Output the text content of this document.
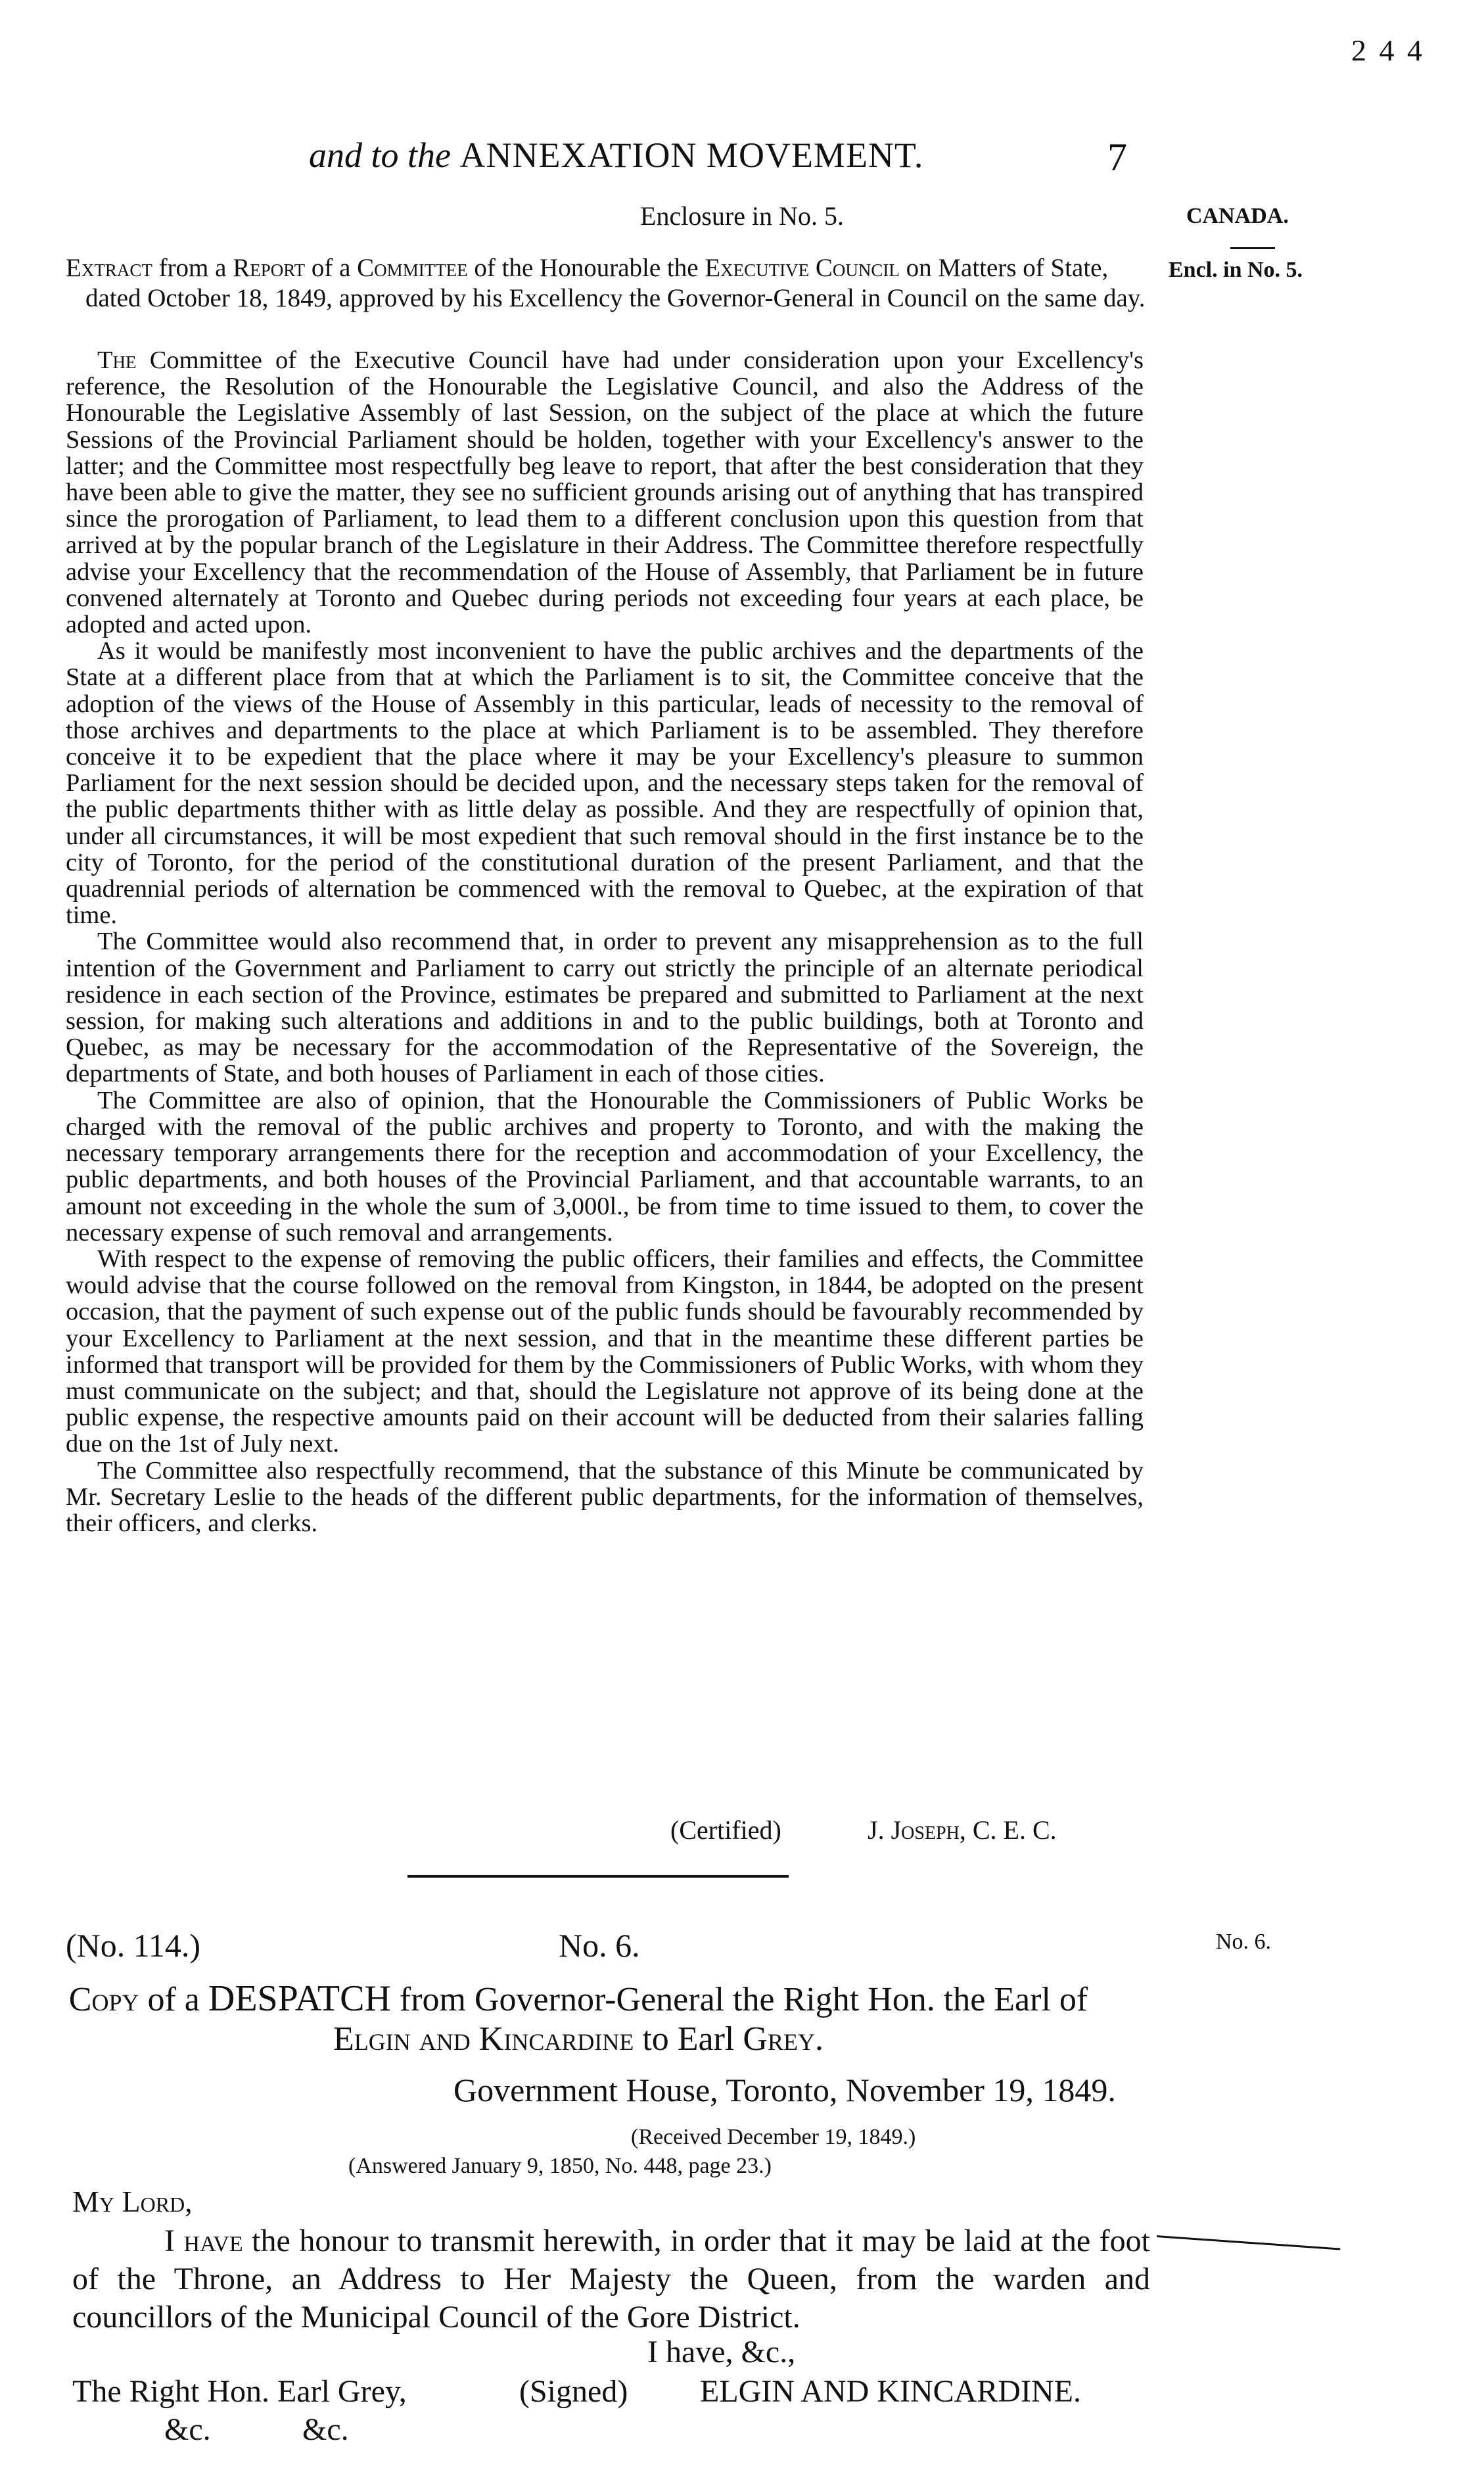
2 4 4
and to the ANNEXATION MOVEMENT.	7
Enclosure in No. 5.	CANADA.
Encl. in No. 5.
Extract from a Report of a Committee of the Honourable the Executive Council on Matters of State, dated October 18, 1849, approved by his Excellency the Governor-General in Council on the same day.

The Committee of the Executive Council have had under consideration upon your Excellency's reference, the Resolution of the Honourable the Legislative Council, and also the Address of the Honourable the Legislative Assembly of last Session, on the subject of the place at which the future Sessions of the Provincial Parliament should be holden, together with your Excellency's answer to the latter; and the Committee most respectfully beg leave to report, that after the best consideration that they have been able to give the matter, they see no sufficient grounds arising out of anything that has transpired since the prorogation of Parliament, to lead them to a different conclusion upon this question from that arrived at by the popular branch of the Legislature in their Address. The Committee therefore respectfully advise your Excellency that the recommendation of the House of Assembly, that Parliament be in future convened alternately at Toronto and Quebec during periods not exceeding four years at each place, be adopted and acted upon.

As it would be manifestly most inconvenient to have the public archives and the departments of the State at a different place from that at which the Parliament is to sit, the Committee conceive that the adoption of the views of the House of Assembly in this particular, leads of necessity to the removal of those archives and departments to the place at which Parliament is to be assembled. They therefore conceive it to be expedient that the place where it may be your Excellency's pleasure to summon Parliament for the next session should be decided upon, and the necessary steps taken for the removal of the public departments thither with as little delay as possible. And they are respectfully of opinion that, under all circumstances, it will be most expedient that such removal should in the first instance be to the city of Toronto, for the period of the constitutional duration of the present Parliament, and that the quadrennial periods of alternation be commenced with the removal to Quebec, at the expiration of that time.

The Committee would also recommend that, in order to prevent any misapprehension as to the full intention of the Government and Parliament to carry out strictly the principle of an alternate periodical residence in each section of the Province, estimates be prepared and submitted to Parliament at the next session, for making such alterations and additions in and to the public buildings, both at Toronto and Quebec, as may be necessary for the accommodation of the Representative of the Sovereign, the departments of State, and both houses of Parliament in each of those cities.

The Committee are also of opinion, that the Honourable the Commissioners of Public Works be charged with the removal of the public archives and property to Toronto, and with the making the necessary temporary arrangements there for the reception and accommodation of your Excellency, the public departments, and both houses of the Provincial Parliament, and that accountable warrants, to an amount not exceeding in the whole the sum of 3,000l., be from time to time issued to them, to cover the necessary expense of such removal and arrangements.

With respect to the expense of removing the public officers, their families and effects, the Committee would advise that the course followed on the removal from Kingston, in 1844, be adopted on the present occasion, that the payment of such expense out of the public funds should be favourably recommended by your Excellency to Parliament at the next session, and that in the meantime these different parties be informed that transport will be provided for them by the Commissioners of Public Works, with whom they must communicate on the subject; and that, should the Legislature not approve of its being done at the public expense, the respective amounts paid on their account will be deducted from their salaries falling due on the 1st of July next.

The Committee also respectfully recommend, that the substance of this Minute be communicated by Mr. Secretary Leslie to the heads of the different public departments, for the information of themselves, their officers, and clerks.

(Certified)	J. Joseph, C. E. C.
(No. 114.)	No. 6.	No. 6.
Copy of a DESPATCH from Governor-General the Right Hon. the Earl of
Elgin and Kincardine to Earl Grey.
Government House, Toronto, November 19, 1849.
(Received December 19, 1849.)
(Answered January 9, 1850, No. 448, page 23.)
My Lord,
I have the honour to transmit herewith, in order that it may be laid at the foot of the Throne, an Address to Her Majesty the Queen, from the warden and councillors of the Municipal Council of the Gore District.
I have, &c.,
The Right Hon. Earl Grey,	(Signed) ELGIN AND KINCARDINE.
&c.	&c.
